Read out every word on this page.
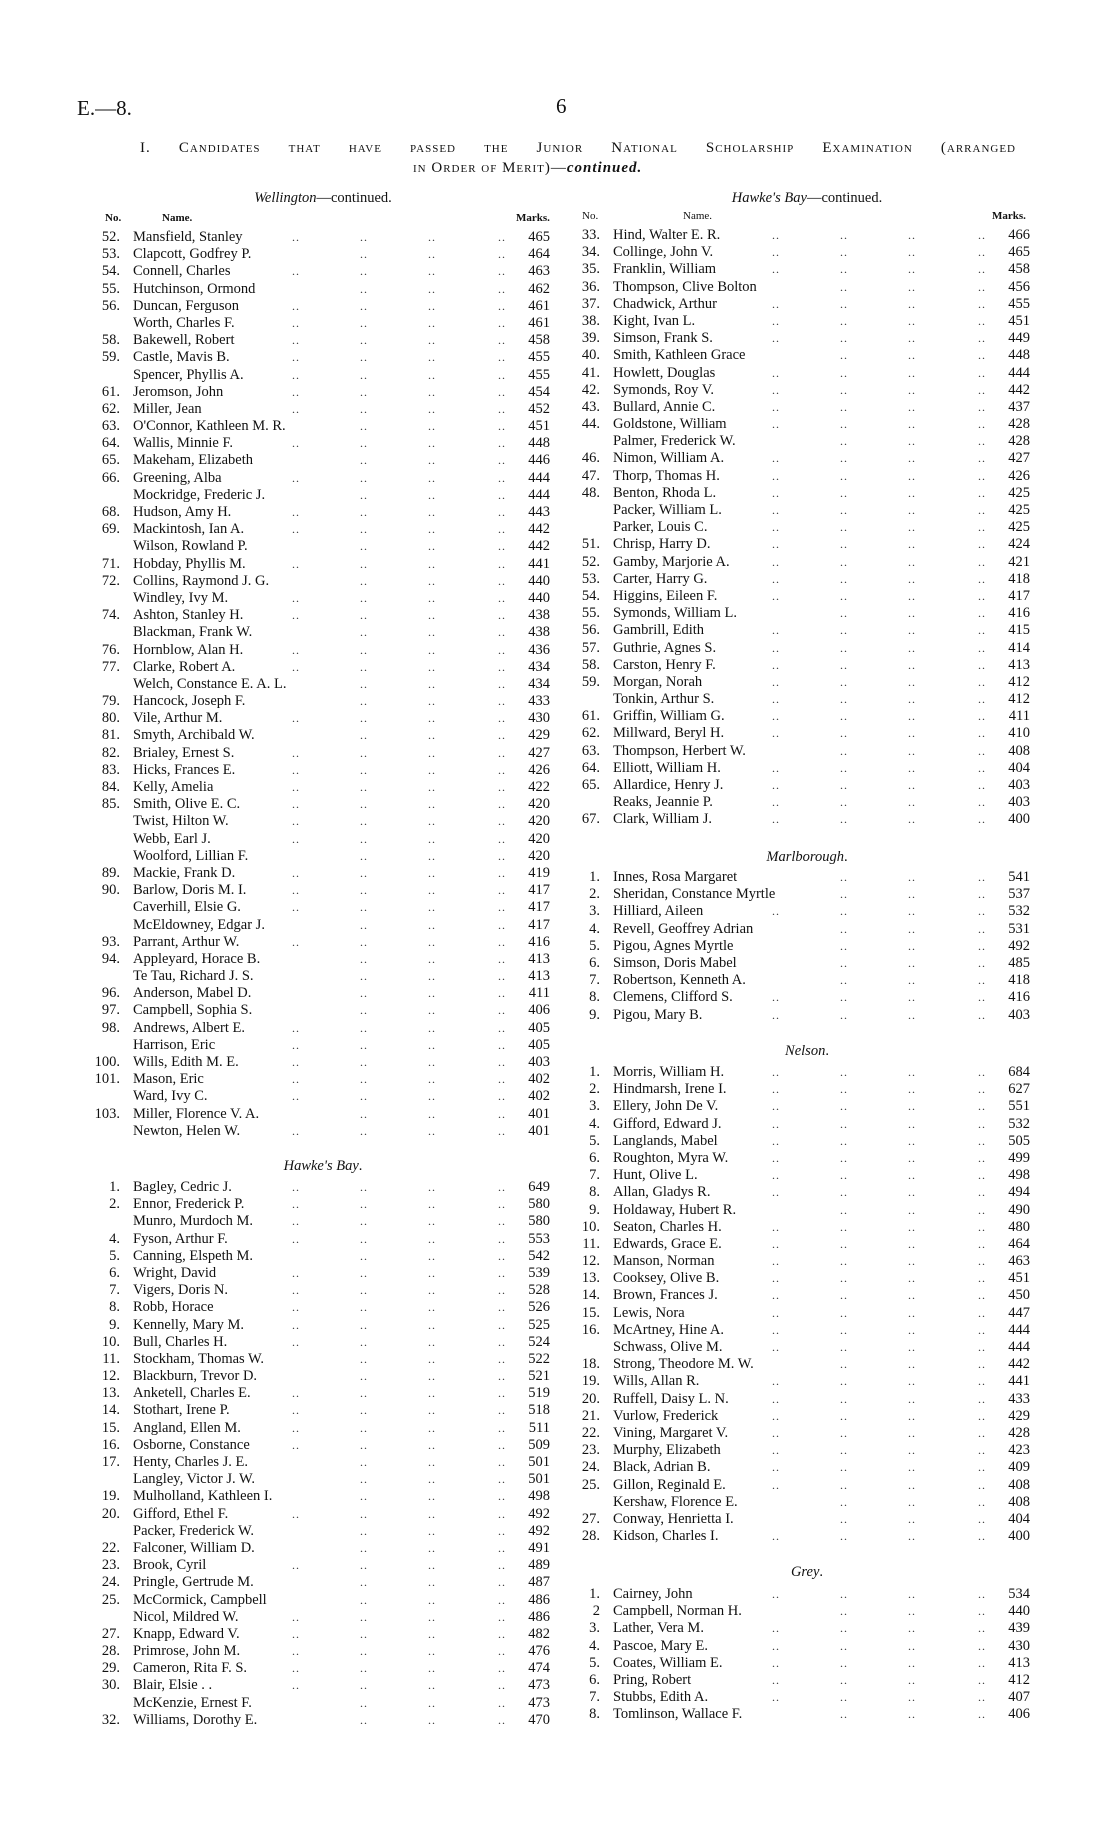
E.—8.	6
I. Candidates that have passed the Junior National Scholarship Examination (arranged
in Order of Merit)—continued.
Wellington—continued.
No.	Name.	Marks.
52. Mansfield, Stanley	..	..	..	..	465
53. Clapcott, Godfrey P.	..	..	..	464
54. Connell, Charles	..	..	..	..	463
55. Hutchinson, Ormond	..	..	..	462
56. Duncan, Ferguson	..	..	..	..	461
Worth, Charles F.	..	..	..	..	461
58. Bakewell, Robert	..	..	..	..	458
59. Castle, Mavis B.	..	..	..	..	455
Spencer, Phyllis A.	..	..	..	..	455
61. Jeromson, John	..	..	..	..	454
62. Miller, Jean	..	..	..	..	452
63. O'Connor, Kathleen M. R.	..	..	..	451
64. Wallis, Minnie F.	..	..	..	..	448
65. Makeham, Elizabeth	..	..	..	446
66. Greening, Alba	..	..	..	..	444
Mockridge, Frederic J.	..	..	..	444
68. Hudson, Amy H.	..	..	..	..	443
69. Mackintosh, Ian A.	..	..	..	..	442
Wilson, Rowland P.	..	..	..	442
71. Hobday, Phyllis M.	..	..	..	..	441
72. Collins, Raymond J. G.	..	..	..	440
Windley, Ivy M.	..	..	..	..	440
74. Ashton, Stanley H.	..	..	..	..	438
Blackman, Frank W.	..	..	..	438
76. Hornblow, Alan H.	..	..	..	..	436
77. Clarke, Robert A.	..	..	..	..	434
Welch, Constance E. A. L.	..	..	..	434
79. Hancock, Joseph F.	..	..	..	433
80. Vile, Arthur M.	..	..	..	..	430
81. Smyth, Archibald W.	..	..	..	429
82. Brialey, Ernest S.	..	..	..	..	427
83. Hicks, Frances E.	..	..	..	..	426
84. Kelly, Amelia	..	..	..	..	422
85. Smith, Olive E. C.	..	..	..	..	420
Twist, Hilton W.	..	..	..	..	420
Webb, Earl J.	..	..	..	..	420
Woolford, Lillian F.	..	..	..	420
89. Mackie, Frank D.	..	..	..	..	419
90. Barlow, Doris M. I.	..	..	..	..	417
Caverhill, Elsie G.	..	..	..	..	417
McEldowney, Edgar J.	..	..	..	417
93. Parrant, Arthur W.	..	..	..	..	416
94. Appleyard, Horace B.	..	..	..	413
Te Tau, Richard J. S.	..	..	..	413
96. Anderson, Mabel D.	..	..	..	411
97. Campbell, Sophia S.	..	..	..	406
98. Andrews, Albert E.	..	..	..	..	405
Harrison, Eric	..	..	..	..	405
100. Wills, Edith M. E.	..	..	..	..	403
101. Mason, Eric	..	..	..	..	402
Ward, Ivy C.	..	..	..	..	402
103. Miller, Florence V. A.	..	..	..	401
Newton, Helen W.	..	..	..	..	401
Hawke's Bay.
1. Bagley, Cedric J.	..	..	..	..	649
2. Ennor, Frederick P.	..	..	..	..	580
Munro, Murdoch M.	..	..	..	..	580
4. Fyson, Arthur F.	..	..	..	..	553
5. Canning, Elspeth M.	..	..	..	542
6. Wright, David	..	..	..	..	539
7. Vigers, Doris N.	..	..	..	..	528
8. Robb, Horace	..	..	..	..	526
9. Kennelly, Mary M.	..	..	..	..	525
10. Bull, Charles H.	..	..	..	..	524
11. Stockham, Thomas W.	..	..	..	522
12. Blackburn, Trevor D.	..	..	..	521
13. Anketell, Charles E.	..	..	..	..	519
14. Stothart, Irene P.	..	..	..	..	518
15. Angland, Ellen M.	..	..	..	..	511
16. Osborne, Constance	..	..	..	..	509
17. Henty, Charles J. E.	..	..	..	501
Langley, Victor J. W.	..	..	..	501
19. Mulholland, Kathleen I.	..	..	..	498
20. Gifford, Ethel F.	..	..	..	..	492
Packer, Frederick W.	..	..	..	492
22. Falconer, William D.	..	..	..	491
23. Brook, Cyril	..	..	..	..	489
24. Pringle, Gertrude M.	..	..	..	487
25. McCormick, Campbell	..	..	..	486
Nicol, Mildred W.	..	..	..	..	486
27. Knapp, Edward V.	..	..	..	..	482
28. Primrose, John M.	..	..	..	..	476
29. Cameron, Rita F. S.	..	..	..	..	474
30. Blair, Elsie . .	..	..	..	..	473
McKenzie, Ernest F.	..	..	..	473
32. Williams, Dorothy E.	..	..	..	470
Hawke's Bay—continued.
No.	Name.	Marks.
33. Hind, Walter E. R.	..	..	..	..	466
34. Collinge, John V.	..	..	..	..	465
35. Franklin, William	..	..	..	..	458
36. Thompson, Clive Bolton	..	..	..	456
37. Chadwick, Arthur	..	..	..	..	455
38. Kight, Ivan L.	..	..	..	..	451
39. Simson, Frank S.	..	..	..	..	449
40. Smith, Kathleen Grace	..	..	..	448
41. Howlett, Douglas	..	..	..	..	444
42. Symonds, Roy V.	..	..	..	..	442
43. Bullard, Annie C.	..	..	..	..	437
44. Goldstone, William	..	..	..	..	428
Palmer, Frederick W.	..	..	..	428
46. Nimon, William A.	..	..	..	..	427
47. Thorp, Thomas H.	..	..	..	..	426
48. Benton, Rhoda L.	..	..	..	..	425
Packer, William L.	..	..	..	..	425
Parker, Louis C.	..	..	..	..	425
51. Chrisp, Harry D.	..	..	..	..	424
52. Gamby, Marjorie A.	..	..	..	..	421
53. Carter, Harry G.	..	..	..	..	418
54. Higgins, Eileen F.	..	..	..	..	417
55. Symonds, William L.	..	..	..	416
56. Gambrill, Edith	..	..	..	..	415
57. Guthrie, Agnes S.	..	..	..	..	414
58. Carston, Henry F.	..	..	..	..	413
59. Morgan, Norah	..	..	..	..	412
Tonkin, Arthur S.	..	..	..	..	412
61. Griffin, William G.	..	..	..	..	411
62. Millward, Beryl H.	..	..	..	..	410
63. Thompson, Herbert W.	..	..	..	408
64. Elliott, William H.	..	..	..	..	404
65. Allardice, Henry J.	..	..	..	..	403
Reaks, Jeannie P.	..	..	..	..	403
67. Clark, William J.	..	..	..	..	400
Marlborough.
1. Innes, Rosa Margaret	..	..	..	541
2. Sheridan, Constance Myrtle	..	..	..	537
3. Hilliard, Aileen	..	..	..	..	532
4. Revell, Geoffrey Adrian	..	..	..	531
5. Pigou, Agnes Myrtle	..	..	..	492
6. Simson, Doris Mabel	..	..	..	485
7. Robertson, Kenneth A.	..	..	..	418
8. Clemens, Clifford S.	..	..	..	..	416
9. Pigou, Mary B.	..	..	..	..	403
Nelson.
1. Morris, William H.	..	..	..	..	684
2. Hindmarsh, Irene I.	..	..	..	..	627
3. Ellery, John De V.	..	..	..	..	551
4. Gifford, Edward J.	..	..	..	..	532
5. Langlands, Mabel	..	..	..	..	505
6. Roughton, Myra W.	..	..	..	..	499
7. Hunt, Olive L.	..	..	..	..	498
8. Allan, Gladys R.	..	..	..	..	494
9. Holdaway, Hubert R.	..	..	..	490
10. Seaton, Charles H.	..	..	..	..	480
11. Edwards, Grace E.	..	..	..	..	464
12. Manson, Norman	..	..	..	..	463
13. Cooksey, Olive B.	..	..	..	..	451
14. Brown, Frances J.	..	..	..	..	450
15. Lewis, Nora	..	..	..	..	447
16. McArtney, Hine A.	..	..	..	..	444
Schwass, Olive M.	..	..	..	..	444
18. Strong, Theodore M. W.	..	..	..	442
19. Wills, Allan R.	..	..	..	..	441
20. Ruffell, Daisy L. N.	..	..	..	..	433
21. Vurlow, Frederick	..	..	..	..	429
22. Vining, Margaret V.	..	..	..	..	428
23. Murphy, Elizabeth	..	..	..	..	423
24. Black, Adrian B.	..	..	..	..	409
25. Gillon, Reginald E.	..	..	..	..	408
Kershaw, Florence E.	..	..	..	408
27. Conway, Henrietta I.	..	..	..	404
28. Kidson, Charles I.	..	..	..	..	400
Grey.
1. Cairney, John	..	..	..	..	534
2 Campbell, Norman H.	..	..	..	440
3. Lather, Vera M.	..	..	..	..	439
4. Pascoe, Mary E.	..	..	..	..	430
5. Coates, William E.	..	..	..	..	413
6. Pring, Robert	..	..	..	..	412
7. Stubbs, Edith A.	..	..	..	..	407
8. Tomlinson, Wallace F.	..	..	..	406
